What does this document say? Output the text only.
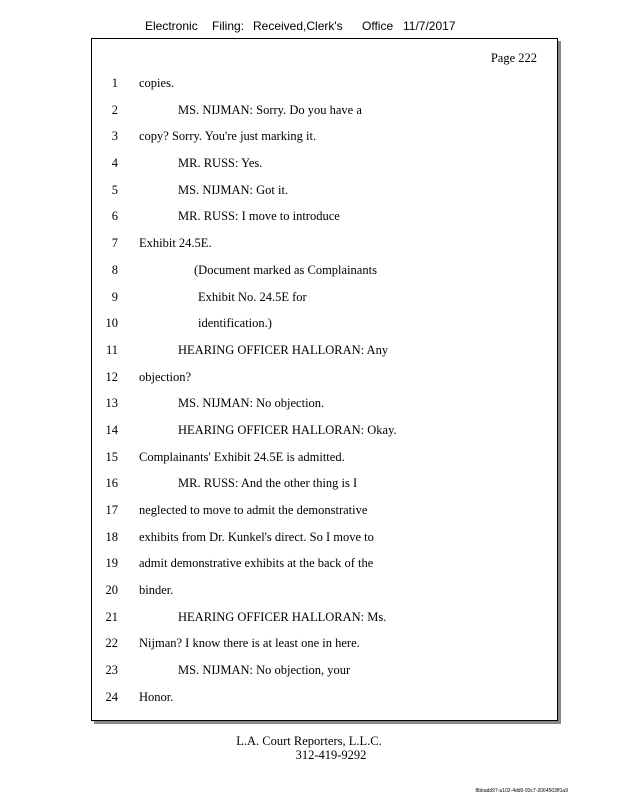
Electronic Filing: Received,Clerk's Office 11/7/2017
Page 222
1 copies.
2	MS. NIJMAN: Sorry. Do you have a
3 copy? Sorry. You're just marking it.
4	MR. RUSS: Yes.
5	MS. NIJMAN: Got it.
6	MR. RUSS: I move to introduce
7 Exhibit 24.5E.
8	(Document marked as Complainants
9	Exhibit No. 24.5E for
10	identification.)
11	HEARING OFFICER HALLORAN: Any
12 objection?
13	MS. NIJMAN: No objection.
14	HEARING OFFICER HALLORAN: Okay.
15 Complainants' Exhibit 24.5E is admitted.
16	MR. RUSS: And the other thing is I
17 neglected to move to admit the demonstrative
18 exhibits from Dr. Kunkel's direct. So I move to
19 admit demonstrative exhibits at the back of the
20 binder.
21	HEARING OFFICER HALLORAN: Ms.
22 Nijman? I know there is at least one in here.
23	MS. NIJMAN: No objection, your
24 Honor.
L.A. Court Reporters, L.L.C.
312-419-9292
8bbadd97-a102-4dd9-93c7-2064503ff1a9
